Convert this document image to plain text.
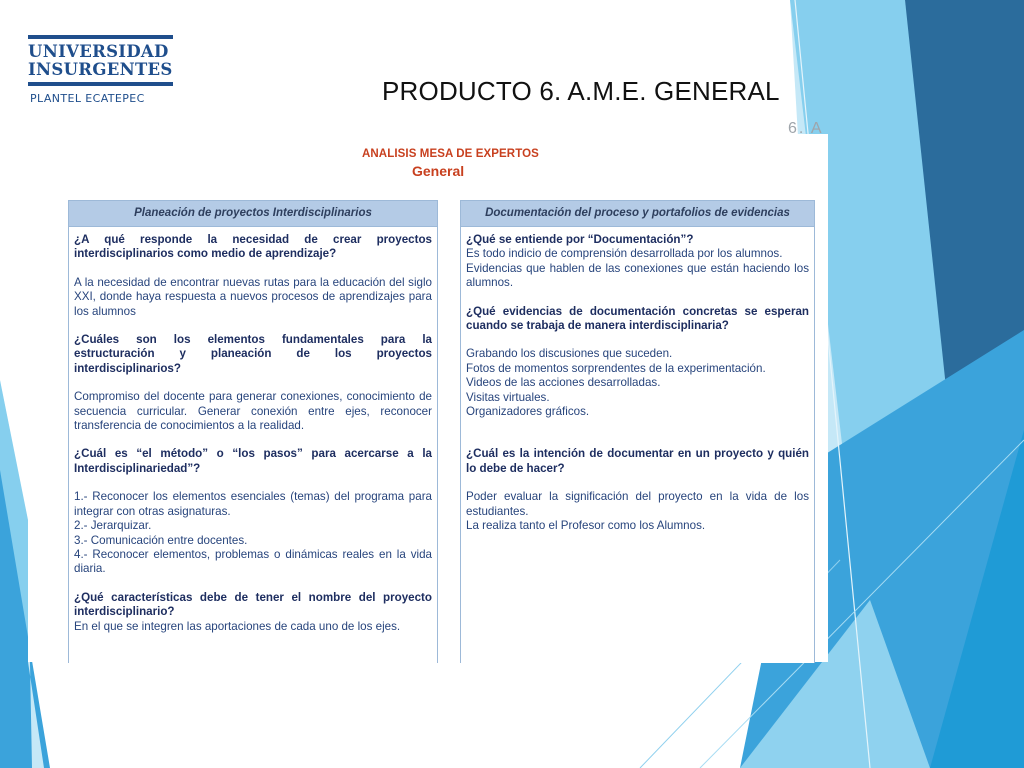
UNIVERSIDAD
INSURGENTES
PLANTEL ECATEPEC	PRODUCTO 6. A.M.E. GENERAL
6. A
ANALISIS MESA DE EXPERTOS
General
Planeación de proyectos Interdisciplinarios

¿A qué responde la necesidad de crear proyectos interdisciplinarios como medio de aprendizaje?

A la necesidad de encontrar nuevas rutas para la educación del siglo XXI, donde haya respuesta a nuevos procesos de aprendizajes para los alumnos

¿Cuáles son los elementos fundamentales para la estructuración y planeación de los proyectos interdisciplinarios?

Compromiso del docente para generar conexiones, conocimiento de secuencia curricular. Generar conexión entre ejes, reconocer transferencia de conocimientos a la realidad.

¿Cuál es “el método” o “los pasos” para acercarse a la Interdisciplinariedad”?

1.- Reconocer los elementos esenciales (temas) del programa para integrar con otras asignaturas.

2.- Jerarquizar.

3.- Comunicación entre docentes.

4.- Reconocer elementos, problemas o dinámicas reales en la vida diaria.

¿Qué características debe de tener el nombre del proyecto interdisciplinario?

En el que se integren las aportaciones de cada uno de los ejes.

Documentación del proceso y portafolios de evidencias

¿Qué se entiende por “Documentación”?

Es todo indicio de comprensión desarrollada por los alumnos.

Evidencias que hablen de las conexiones que están haciendo los alumnos.

¿Qué evidencias de documentación concretas se esperan cuando se trabaja de manera interdisciplinaria?

Grabando los discusiones que suceden.

Fotos de momentos sorprendentes de la experimentación.

Videos de las acciones desarrolladas.

Visitas virtuales.

Organizadores gráficos.

¿Cuál es la intención de documentar en un proyecto y quién lo debe de hacer?

Poder evaluar la significación del proyecto en la vida de los estudiantes.

La realiza tanto el Profesor como los Alumnos.
